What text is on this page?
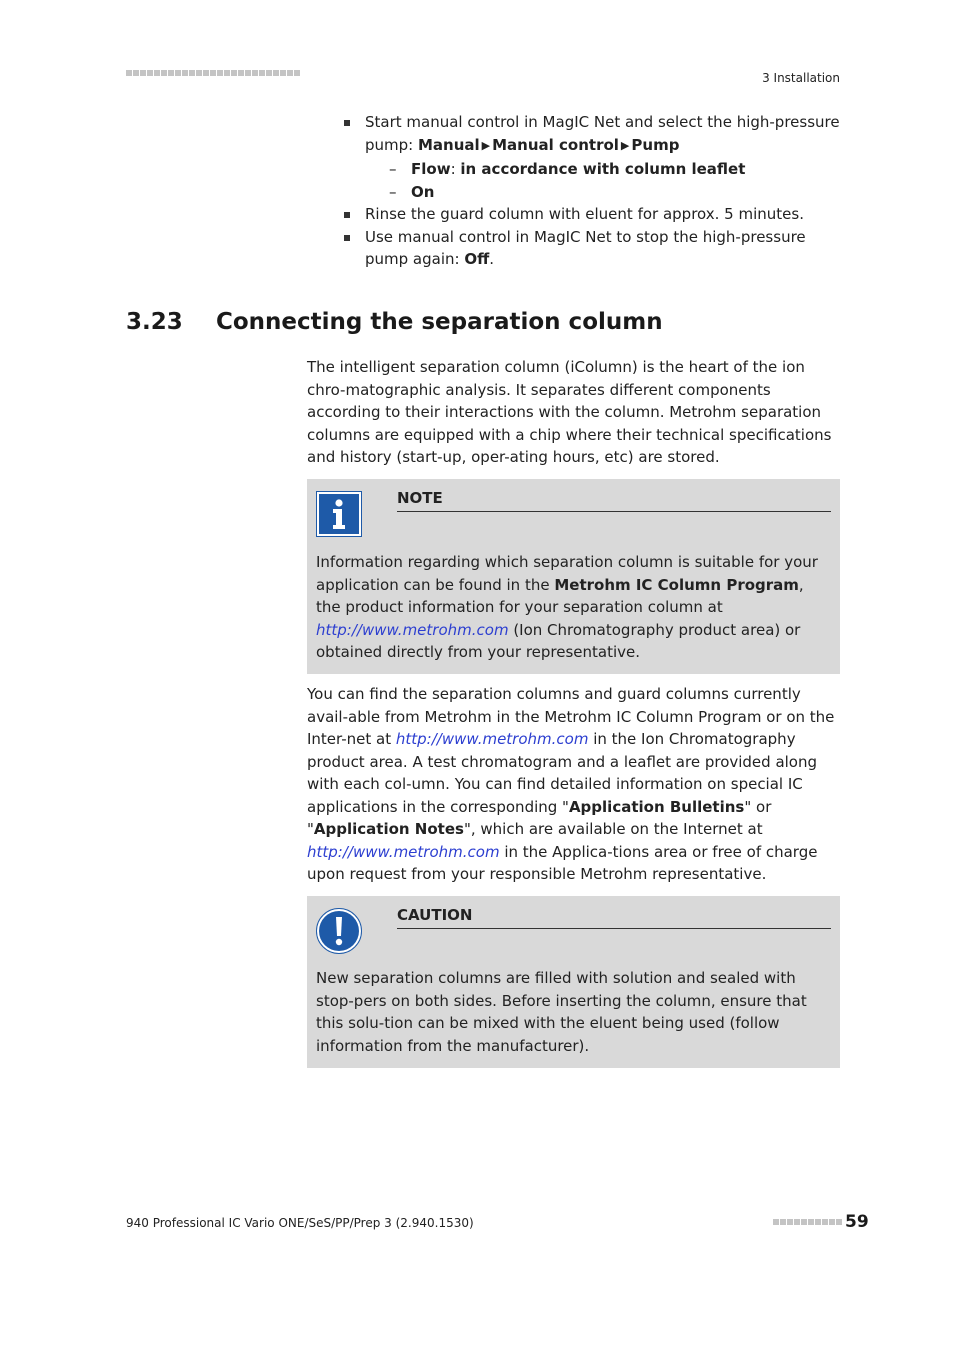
3 Installation
Start manual control in MagIC Net and select the high-pressure pump: Manual ▶ Manual control ▶ Pump
– Flow: in accordance with column leaflet
– On
Rinse the guard column with eluent for approx. 5 minutes.
Use manual control in MagIC Net to stop the high-pressure pump again: Off.
3.23 Connecting the separation column
The intelligent separation column (iColumn) is the heart of the ion chro-matographic analysis. It separates different components according to their interactions with the column. Metrohm separation columns are equipped with a chip where their technical specifications and history (start-up, oper-ating hours, etc) are stored.
NOTE
Information regarding which separation column is suitable for your application can be found in the Metrohm IC Column Program, the product information for your separation column at http://www.metrohm.com (Ion Chromatography product area) or obtained directly from your representative.
You can find the separation columns and guard columns currently avail-able from Metrohm in the Metrohm IC Column Program or on the Inter-net at http://www.metrohm.com in the Ion Chromatography product area. A test chromatogram and a leaflet are provided along with each col-umn. You can find detailed information on special IC applications in the corresponding "Application Bulletins" or "Application Notes", which are available on the Internet at http://www.metrohm.com in the Applica-tions area or free of charge upon request from your responsible Metrohm representative.
CAUTION
New separation columns are filled with solution and sealed with stop-pers on both sides. Before inserting the column, ensure that this solu-tion can be mixed with the eluent being used (follow information from the manufacturer).
940 Professional IC Vario ONE/SeS/PP/Prep 3 (2.940.1530)	59
